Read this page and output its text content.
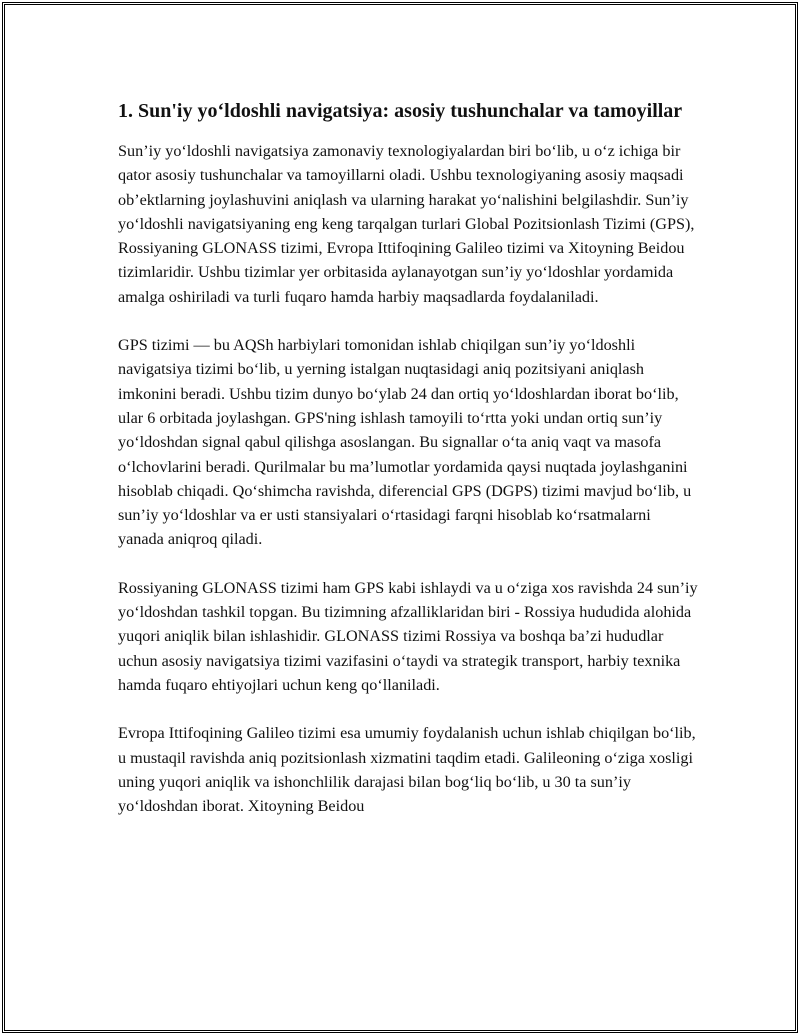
1. Sun'iy yo‘ldoshli navigatsiya: asosiy tushunchalar va tamoyillar

Sun’iy yo‘ldoshli navigatsiya zamonaviy texnologiyalardan biri bo‘lib, u o‘z ichiga bir qator asosiy tushunchalar va tamoyillarni oladi. Ushbu texnologiyaning asosiy maqsadi ob’ektlarning joylashuvini aniqlash va ularning harakat yo‘nalishini belgilashdir. Sun’iy yo‘ldoshli navigatsiyaning eng keng tarqalgan turlari Global Pozitsionlash Tizimi (GPS), Rossiyaning GLONASS tizimi, Evropa Ittifoqining Galileo tizimi va Xitoyning Beidou tizimlaridir. Ushbu tizimlar yer orbitasida aylanayotgan sun’iy yo‘ldoshlar yordamida amalga oshiriladi va turli fuqaro hamda harbiy maqsadlarda foydalaniladi.

GPS tizimi — bu AQSh harbiylari tomonidan ishlab chiqilgan sun’iy yo‘ldoshli navigatsiya tizimi bo‘lib, u yerning istalgan nuqtasidagi aniq pozitsiyani aniqlash imkonini beradi. Ushbu tizim dunyo bo‘ylab 24 dan ortiq yo‘ldoshlardan iborat bo‘lib, ular 6 orbitada joylashgan. GPS'ning ishlash tamoyili to‘rtta yoki undan ortiq sun’iy yo‘ldoshdan signal qabul qilishga asoslangan. Bu signallar o‘ta aniq vaqt va masofa o‘lchovlarini beradi. Qurilmalar bu ma’lumotlar yordamida qaysi nuqtada joylashganini hisoblab chiqadi. Qo‘shimcha ravishda, diferencial GPS (DGPS) tizimi mavjud bo‘lib, u sun’iy yo‘ldoshlar va er usti stansiyalari o‘rtasidagi farqni hisoblab ko‘rsatmalarni yanada aniqroq qiladi.

Rossiyaning GLONASS tizimi ham GPS kabi ishlaydi va u o‘ziga xos ravishda 24 sun’iy yo‘ldoshdan tashkil topgan. Bu tizimning afzalliklaridan biri - Rossiya hududida alohida yuqori aniqlik bilan ishlashidir. GLONASS tizimi Rossiya va boshqa ba’zi hududlar uchun asosiy navigatsiya tizimi vazifasini o‘taydi va strategik transport, harbiy texnika hamda fuqaro ehtiyojlari uchun keng qo‘llaniladi.

Evropa Ittifoqining Galileo tizimi esa umumiy foydalanish uchun ishlab chiqilgan bo‘lib, u mustaqil ravishda aniq pozitsionlash xizmatini taqdim etadi. Galileoning o‘ziga xosligi uning yuqori aniqlik va ishonchlilik darajasi bilan bog‘liq bo‘lib, u 30 ta sun’iy yo‘ldoshdan iborat. Xitoyning Beidou
